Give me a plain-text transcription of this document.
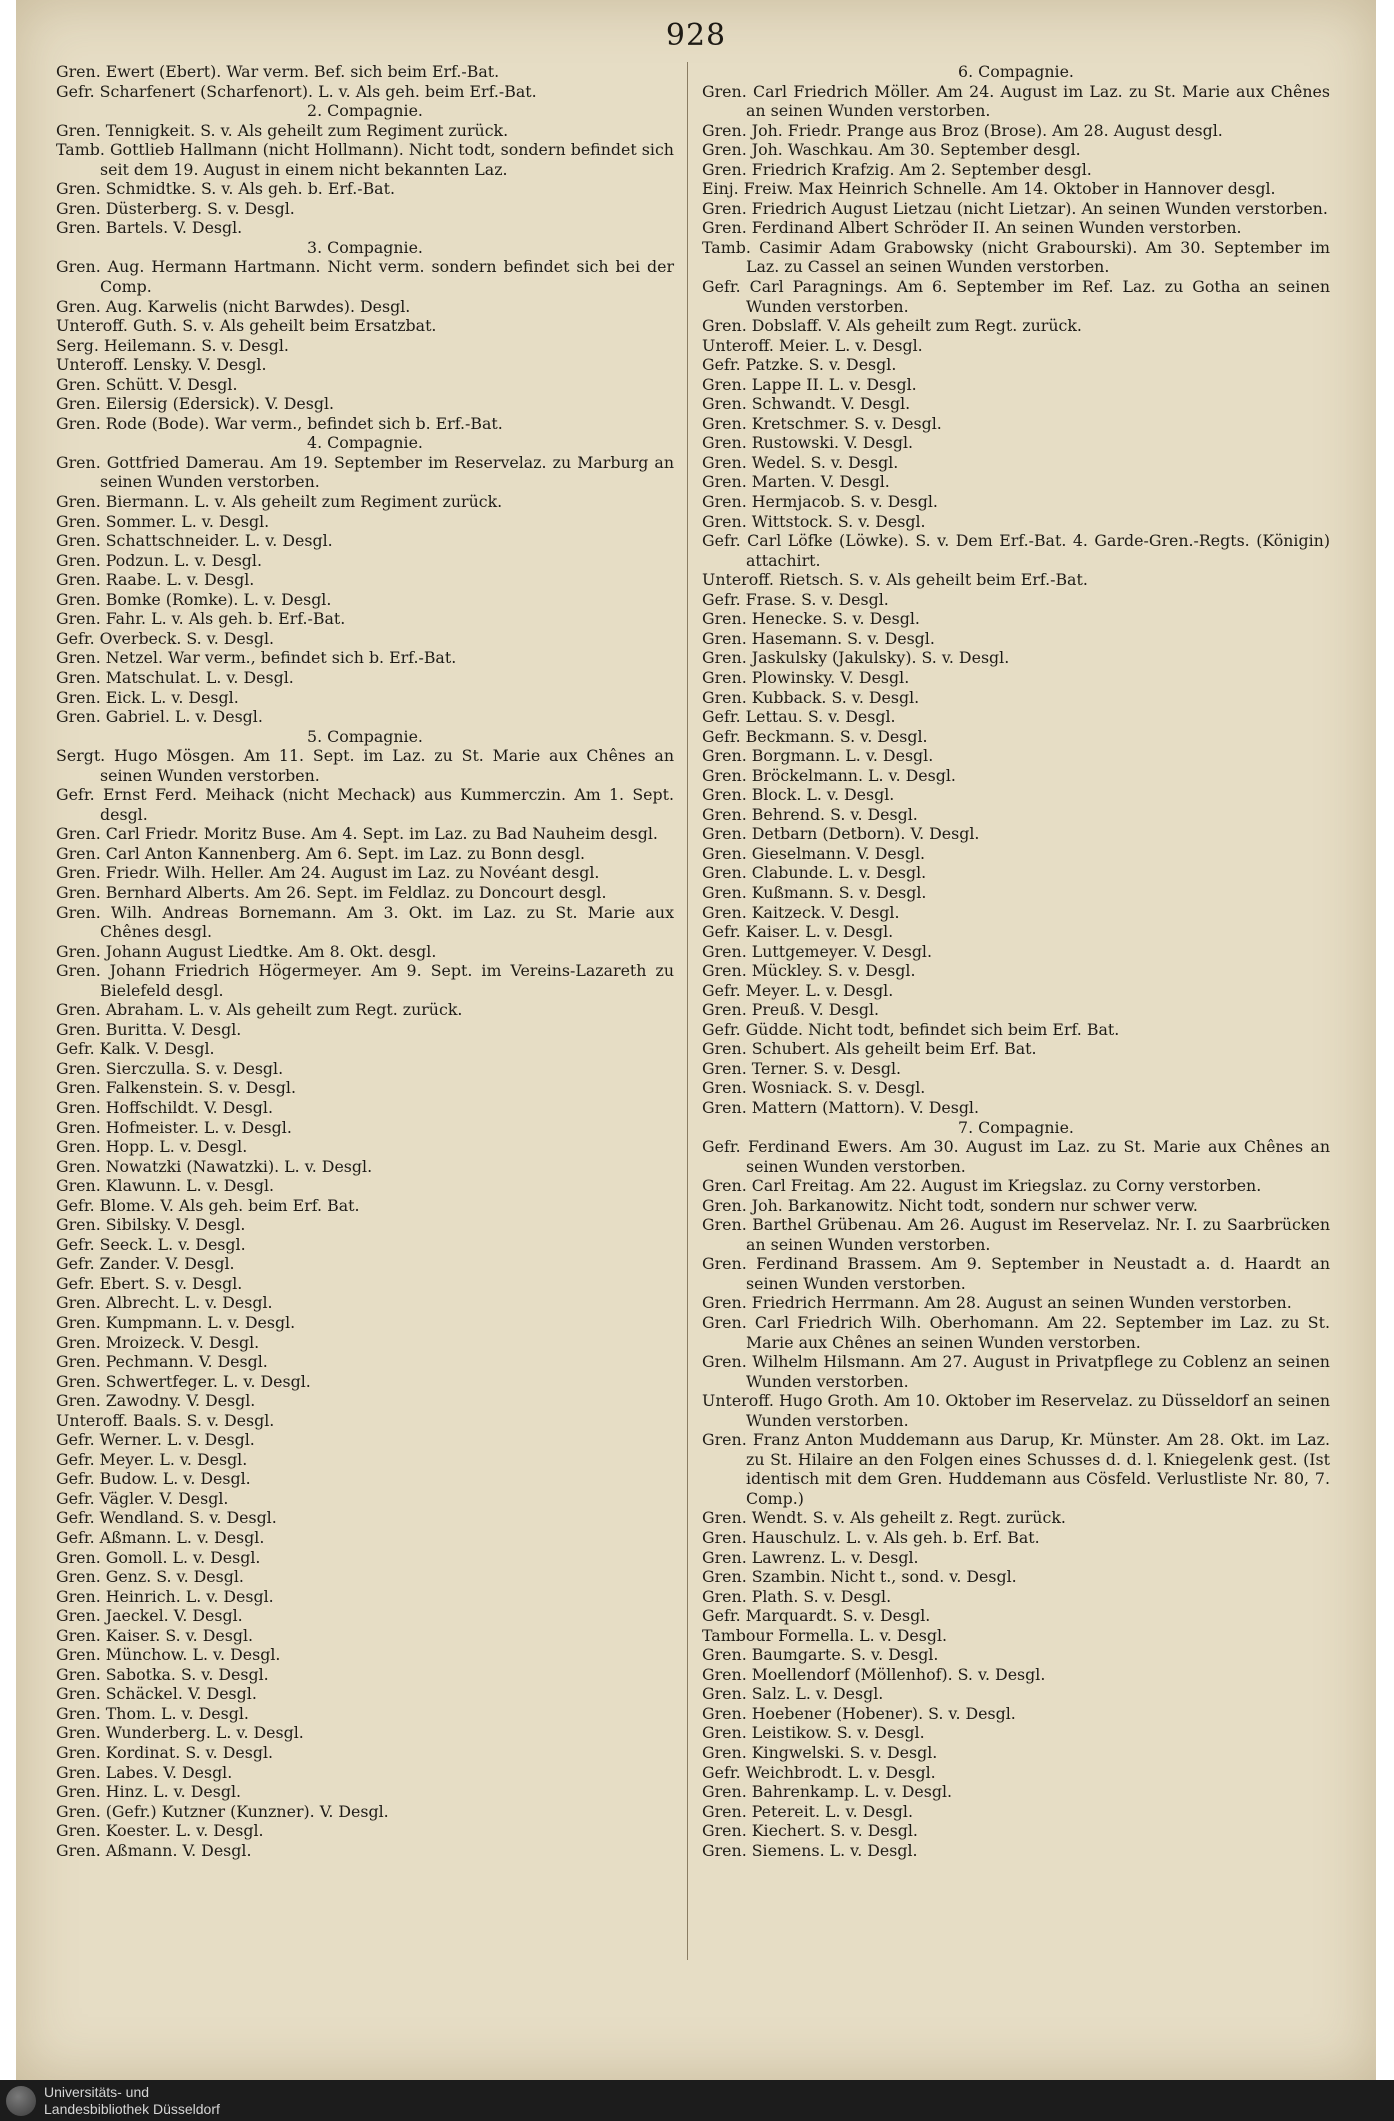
928
Gren. Ewert (Ebert). War verm. Bef. sich beim Erf.-Bat.
Gefr. Scharfenert (Scharfenort). L. v. Als geh. beim Erf.-Bat.
2. Compagnie.
Gren. Tennigkeit. S. v. Als geheilt zum Regiment zurück.
Tamb. Gottlieb Hallmann (nicht Hollmann). Nicht todt, sondern befindet sich seit dem 19. August in einem nicht bekannten Laz.
Gren. Schmidtke. S. v. Als geh. b. Erf.-Bat.
Gren. Düsterberg. S. v. Desgl.
Gren. Bartels. V. Desgl.
3. Compagnie.
Gren. Aug. Hermann Hartmann. Nicht verm. sondern befindet sich bei der Comp.
Gren. Aug. Karwelis (nicht Barwdes). Desgl.
Unteroff. Guth. S. v. Als geheilt beim Ersatzbat.
Serg. Heilemann. S. v. Desgl.
Unteroff. Lensky. V. Desgl.
Gren. Schütt. V. Desgl.
Gren. Eilersig (Edersick). V. Desgl.
Gren. Rode (Bode). War verm., befindet sich b. Erf.-Bat.
4. Compagnie.
Gren. Gottfried Damerau. Am 19. September im Reservelaz. zu Marburg an seinen Wunden verstorben.
Gren. Biermann. L. v. Als geheilt zum Regiment zurück.
Gren. Sommer. L. v. Desgl.
Gren. Schattschneider. L. v. Desgl.
Gren. Podzun. L. v. Desgl.
Gren. Raabe. L. v. Desgl.
Gren. Bomke (Romke). L. v. Desgl.
Gren. Fahr. L. v. Als geh. b. Erf.-Bat.
Gefr. Overbeck. S. v. Desgl.
Gren. Netzel. War verm., befindet sich b. Erf.-Bat.
Gren. Matschulat. L. v. Desgl.
Gren. Eick. L. v. Desgl.
Gren. Gabriel. L. v. Desgl.
5. Compagnie.
Sergt. Hugo Mösgen. Am 11. Sept. im Laz. zu St. Marie aux Chênes an seinen Wunden verstorben.
Gefr. Ernst Ferd. Meihack (nicht Mechack) aus Kummerczin. Am 1. Sept. desgl.
Gren. Carl Friedr. Moritz Buse. Am 4. Sept. im Laz. zu Bad Nauheim desgl.
Gren. Carl Anton Kannenberg. Am 6. Sept. im Laz. zu Bonn desgl.
Gren. Friedr. Wilh. Heller. Am 24. August im Laz. zu Novéant desgl.
Gren. Bernhard Alberts. Am 26. Sept. im Feldlaz. zu Doncourt desgl.
Gren. Wilh. Andreas Bornemann. Am 3. Okt. im Laz. zu St. Marie aux Chênes desgl.
Gren. Johann August Liedtke. Am 8. Okt. desgl.
Gren. Johann Friedrich Högermeyer. Am 9. Sept. im Vereins-Lazareth zu Bielefeld desgl.
Gren. Abraham. L. v. Als geheilt zum Regt. zurück.
Gren. Buritta. V. Desgl.
Gefr. Kalk. V. Desgl.
Gren. Sierczulla. S. v. Desgl.
Gren. Falkenstein. S. v. Desgl.
Gren. Hoffschildt. V. Desgl.
Gren. Hofmeister. L. v. Desgl.
Gren. Hopp. L. v. Desgl.
Gren. Nowatzki (Nawatzki). L. v. Desgl.
Gren. Klawunn. L. v. Desgl.
Gefr. Blome. V. Als geh. beim Erf. Bat.
Gren. Sibilsky. V. Desgl.
Gefr. Seeck. L. v. Desgl.
Gefr. Zander. V. Desgl.
Gefr. Ebert. S. v. Desgl.
Gren. Albrecht. L. v. Desgl.
Gren. Kumpmann. L. v. Desgl.
Gren. Mroizeck. V. Desgl.
Gren. Pechmann. V. Desgl.
Gren. Schwertfeger. L. v. Desgl.
Gren. Zawodny. V. Desgl.
Unteroff. Baals. S. v. Desgl.
Gefr. Werner. L. v. Desgl.
Gefr. Meyer. L. v. Desgl.
Gefr. Budow. L. v. Desgl.
Gefr. Vägler. V. Desgl.
Gefr. Wendland. S. v. Desgl.
Gefr. Aßmann. L. v. Desgl.
Gren. Gomoll. L. v. Desgl.
Gren. Genz. S. v. Desgl.
Gren. Heinrich. L. v. Desgl.
Gren. Jaeckel. V. Desgl.
Gren. Kaiser. S. v. Desgl.
Gren. Münchow. L. v. Desgl.
Gren. Sabotka. S. v. Desgl.
Gren. Schäckel. V. Desgl.
Gren. Thom. L. v. Desgl.
Gren. Wunderberg. L. v. Desgl.
Gren. Kordinat. S. v. Desgl.
Gren. Labes. V. Desgl.
Gren. Hinz. L. v. Desgl.
Gren. (Gefr.) Kutzner (Kunzner). V. Desgl.
Gren. Koester. L. v. Desgl.
Gren. Aßmann. V. Desgl.
6. Compagnie.
Gren. Carl Friedrich Möller. Am 24. August im Laz. zu St. Marie aux Chênes an seinen Wunden verstorben.
Gren. Joh. Friedr. Prange aus Broz (Brose). Am 28. August desgl.
Gren. Joh. Waschkau. Am 30. September desgl.
Gren. Friedrich Krafzig. Am 2. September desgl.
Einj. Freiw. Max Heinrich Schnelle. Am 14. Oktober in Hannover desgl.
Gren. Friedrich August Lietzau (nicht Lietzar). An seinen Wunden verstorben.
Gren. Ferdinand Albert Schröder II. An seinen Wunden verstorben.
Tamb. Casimir Adam Grabowsky (nicht Grabourski). Am 30. September im Laz. zu Cassel an seinen Wunden verstorben.
Gefr. Carl Paragnings. Am 6. September im Ref. Laz. zu Gotha an seinen Wunden verstorben.
Gren. Dobslaff. V. Als geheilt zum Regt. zurück.
Unteroff. Meier. L. v. Desgl.
Gefr. Patzke. S. v. Desgl.
Gren. Lappe II. L. v. Desgl.
Gren. Schwandt. V. Desgl.
Gren. Kretschmer. S. v. Desgl.
Gren. Rustowski. V. Desgl.
Gren. Wedel. S. v. Desgl.
Gren. Marten. V. Desgl.
Gren. Hermjacob. S. v. Desgl.
Gren. Wittstock. S. v. Desgl.
Gefr. Carl Löfke (Löwke). S. v. Dem Erf.-Bat. 4. Garde-Gren.-Regts. (Königin) attachirt.
Unteroff. Rietsch. S. v. Als geheilt beim Erf.-Bat.
Gefr. Frase. S. v. Desgl.
Gren. Henecke. S. v. Desgl.
Gren. Hasemann. S. v. Desgl.
Gren. Jaskulsky (Jakulsky). S. v. Desgl.
Gren. Plowinsky. V. Desgl.
Gren. Kubback. S. v. Desgl.
Gefr. Lettau. S. v. Desgl.
Gefr. Beckmann. S. v. Desgl.
Gren. Borgmann. L. v. Desgl.
Gren. Bröckelmann. L. v. Desgl.
Gren. Block. L. v. Desgl.
Gren. Behrend. S. v. Desgl.
Gren. Detbarn (Detborn). V. Desgl.
Gren. Gieselmann. V. Desgl.
Gren. Clabunde. L. v. Desgl.
Gren. Kußmann. S. v. Desgl.
Gren. Kaitzeck. V. Desgl.
Gefr. Kaiser. L. v. Desgl.
Gren. Luttgemeyer. V. Desgl.
Gren. Mückley. S. v. Desgl.
Gefr. Meyer. L. v. Desgl.
Gren. Preuß. V. Desgl.
Gefr. Güdde. Nicht todt, befindet sich beim Erf. Bat.
Gren. Schubert. Als geheilt beim Erf. Bat.
Gren. Terner. S. v. Desgl.
Gren. Wosniack. S. v. Desgl.
Gren. Mattern (Mattorn). V. Desgl.
7. Compagnie.
Gefr. Ferdinand Ewers. Am 30. August im Laz. zu St. Marie aux Chênes an seinen Wunden verstorben.
Gren. Carl Freitag. Am 22. August im Kriegslaz. zu Corny verstorben.
Gren. Joh. Barkanowitz. Nicht todt, sondern nur schwer verw.
Gren. Barthel Grübenau. Am 26. August im Reservelaz. Nr. I. zu Saarbrücken an seinen Wunden verstorben.
Gren. Ferdinand Brassem. Am 9. September in Neustadt a. d. Haardt an seinen Wunden verstorben.
Gren. Friedrich Herrmann. Am 28. August an seinen Wunden verstorben.
Gren. Carl Friedrich Wilh. Oberhomann. Am 22. September im Laz. zu St. Marie aux Chênes an seinen Wunden verstorben.
Gren. Wilhelm Hilsmann. Am 27. August in Privatpflege zu Coblenz an seinen Wunden verstorben.
Unteroff. Hugo Groth. Am 10. Oktober im Reservelaz. zu Düsseldorf an seinen Wunden verstorben.
Gren. Franz Anton Muddemann aus Darup, Kr. Münster. Am 28. Okt. im Laz. zu St. Hilaire an den Folgen eines Schusses d. d. l. Kniegelenk gest. (Ist identisch mit dem Gren. Huddemann aus Cösfeld. Verlustliste Nr. 80, 7. Comp.)
Gren. Wendt. S. v. Als geheilt z. Regt. zurück.
Gren. Hauschulz. L. v. Als geh. b. Erf. Bat.
Gren. Lawrenz. L. v. Desgl.
Gren. Szambin. Nicht t., sond. v. Desgl.
Gren. Plath. S. v. Desgl.
Gefr. Marquardt. S. v. Desgl.
Tambour Formella. L. v. Desgl.
Gren. Baumgarte. S. v. Desgl.
Gren. Moellendorf (Möllenhof). S. v. Desgl.
Gren. Salz. L. v. Desgl.
Gren. Hoebener (Hobener). S. v. Desgl.
Gren. Leistikow. S. v. Desgl.
Gren. Kingwelski. S. v. Desgl.
Gefr. Weichbrodt. L. v. Desgl.
Gren. Bahrenkamp. L. v. Desgl.
Gren. Petereit. L. v. Desgl.
Gren. Kiechert. S. v. Desgl.
Gren. Siemens. L. v. Desgl.
Universitäts- und
Landesbibliothek Düsseldorf
